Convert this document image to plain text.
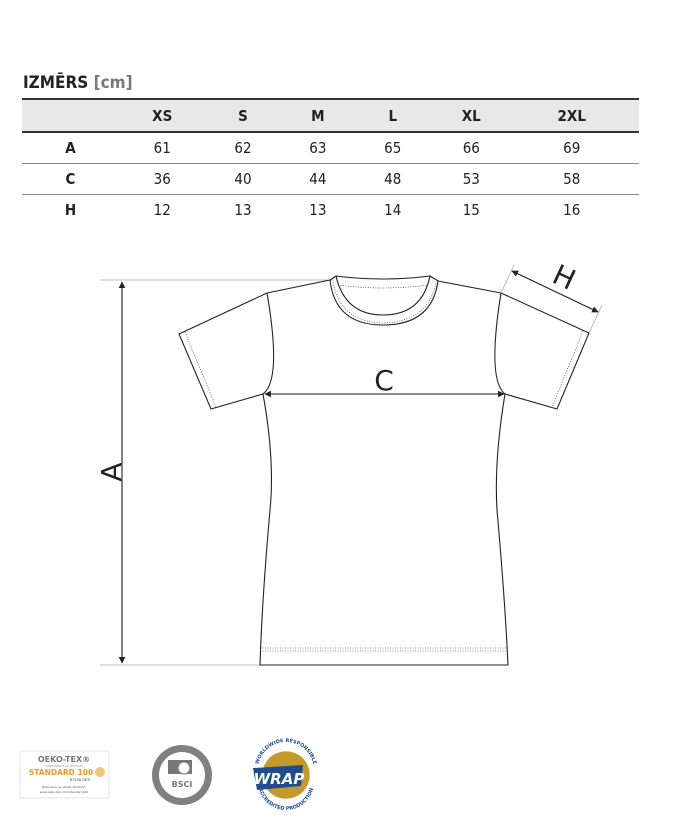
IZMĒRS [cm]
	XS	S	M	L	XL	2XL	
A	61	62	63	65	66	69	
C	36	40	44	48	53	58	
H	12	13	13	14	15	16	
C
A
H
OEKO-TEX®
CONFIDENCE IN TEXTILES
STANDARD 100
67150 OETI
Testováno na obsah škodlivin.
www.oeko-tex.com/standard100
BSCI	WRAP
WORLDWIDE RESPONSIBLE
ACCREDITED PRODUCTION
